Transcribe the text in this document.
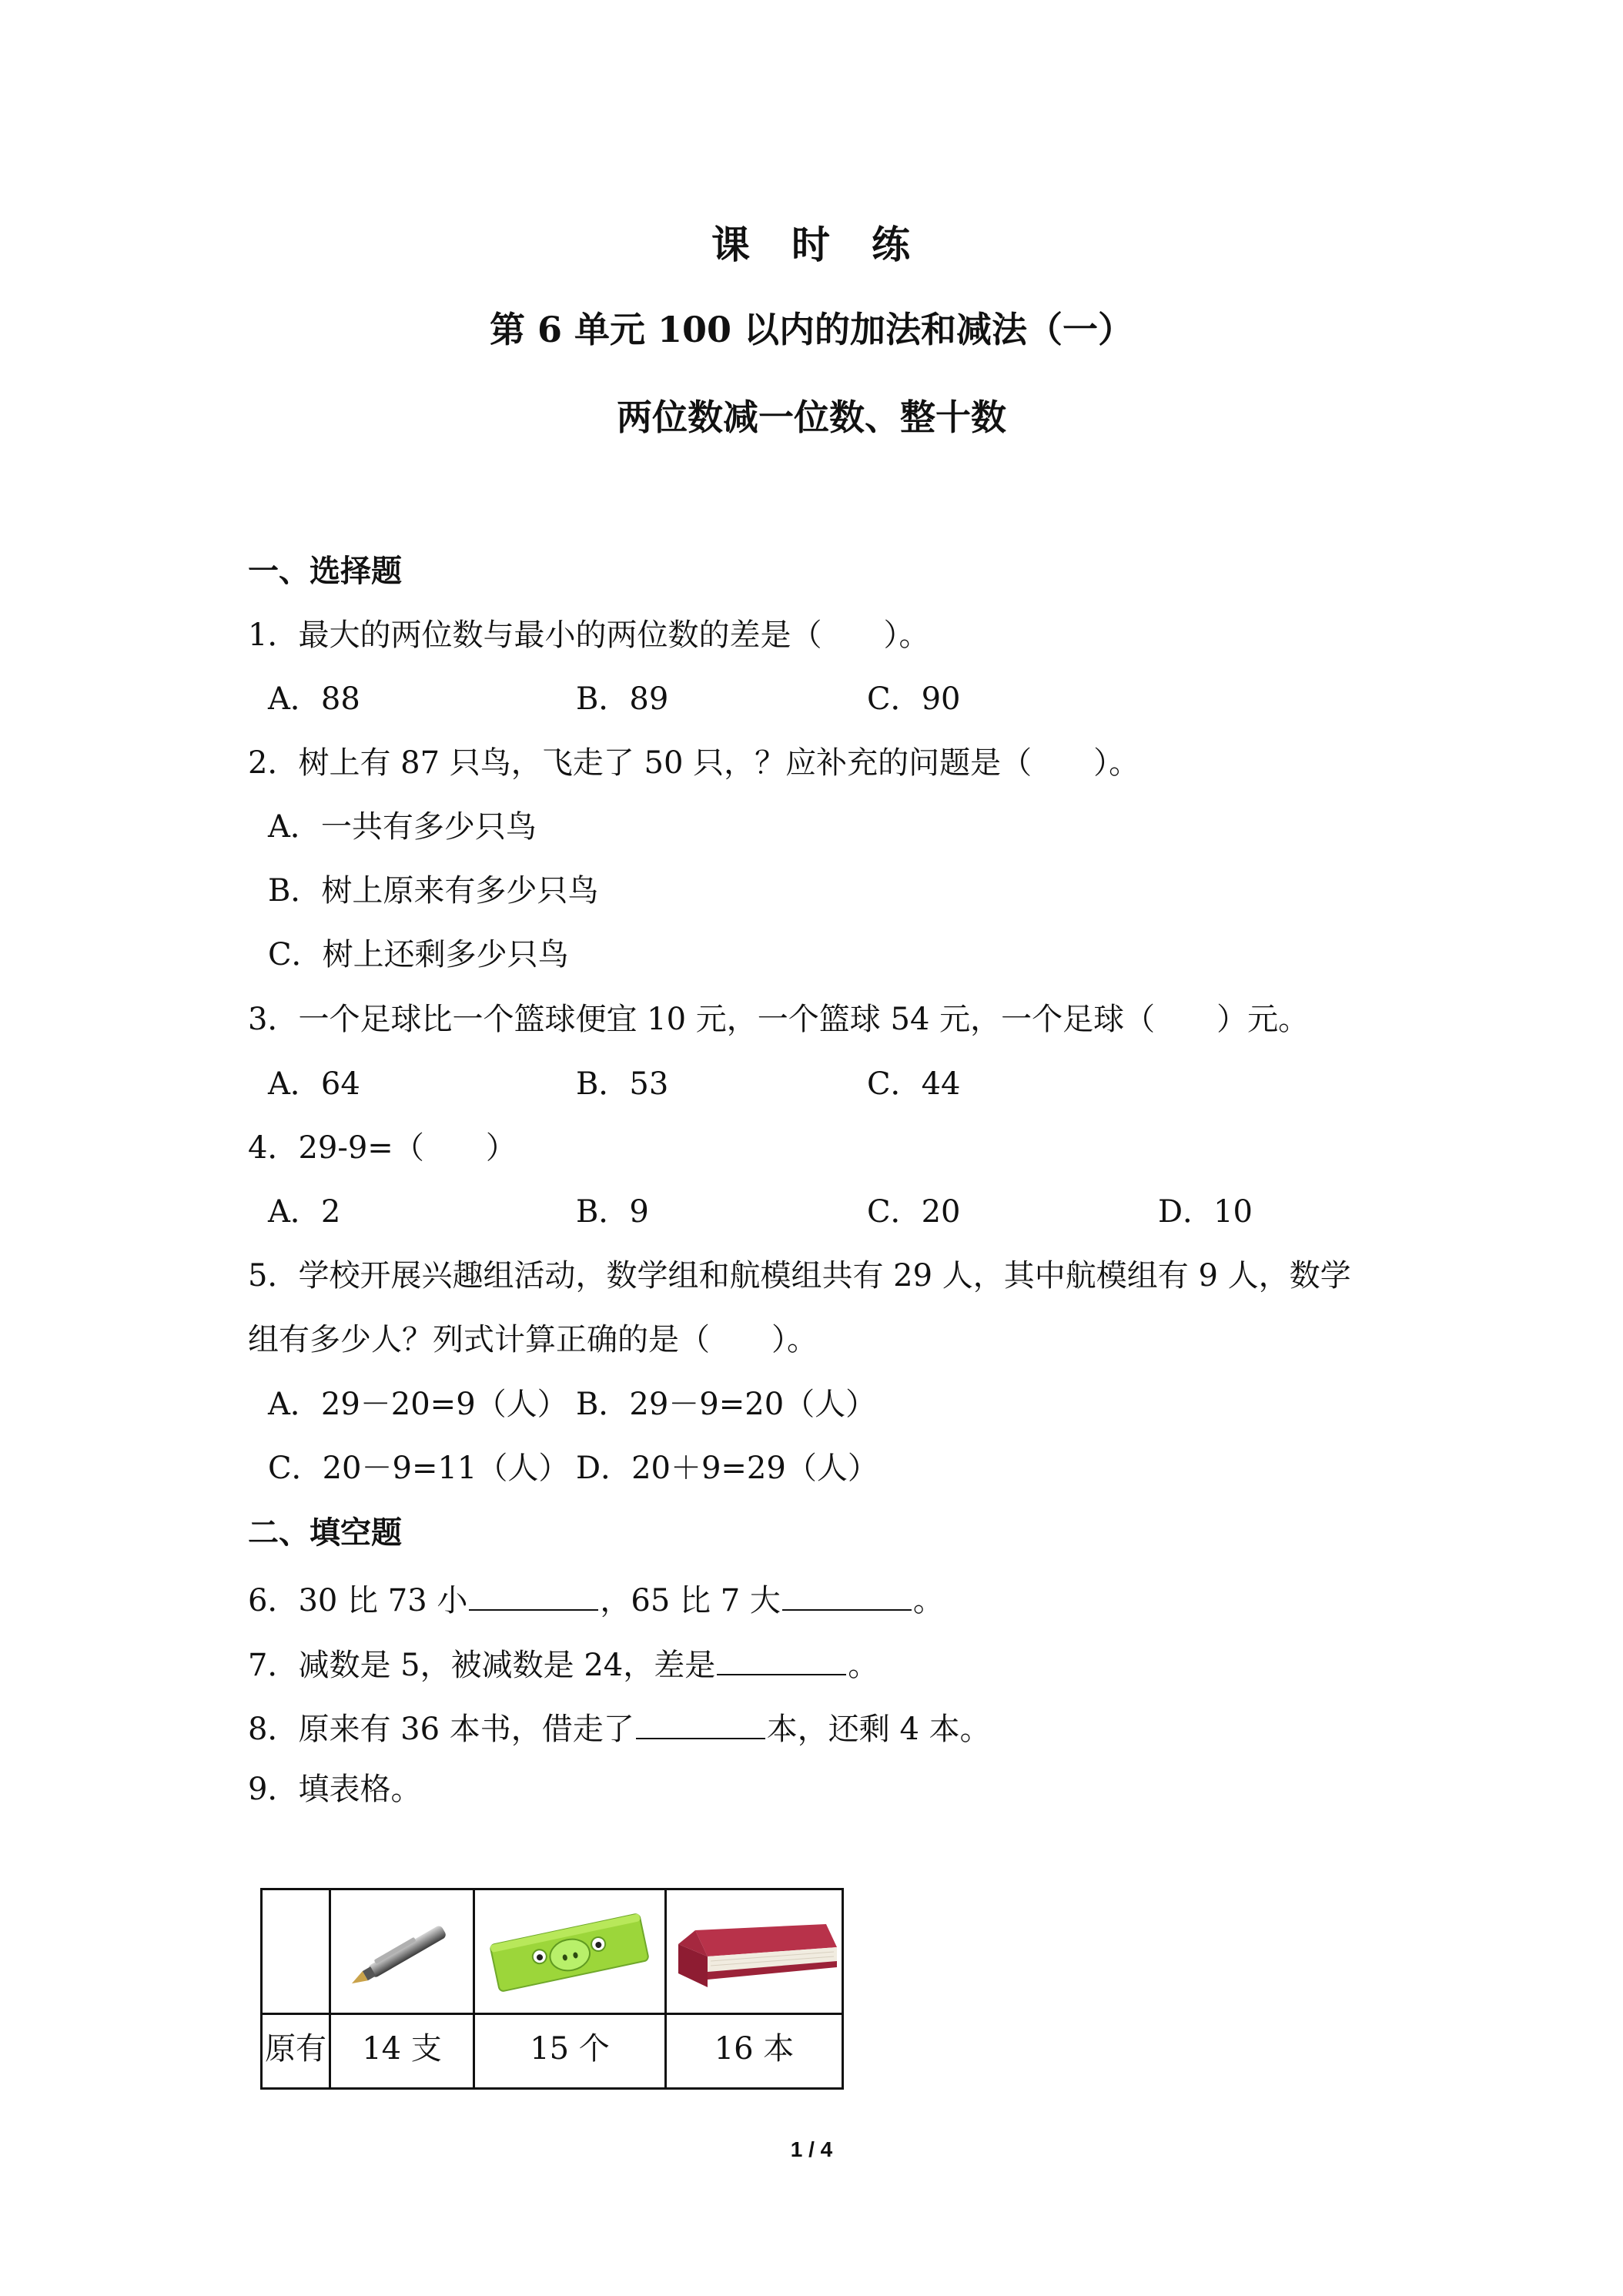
课　时　练
第 6 单元 100 以内的加法和减法（一）
两位数减一位数、整十数
一、选择题
1．最大的两位数与最小的两位数的差是（　　）。
A．88	B．89	C．90
2．树上有 87 只鸟，飞走了 50 只，？应补充的问题是（　　）。
A．一共有多少只鸟
B．树上原来有多少只鸟
C．树上还剩多少只鸟
3．一个足球比一个篮球便宜 10 元，一个篮球 54 元，一个足球（　　）元。
A．64	B．53	C．44
4．29-9=（　　）
A．2	B．9	C．20	D．10
5．学校开展兴趣组活动，数学组和航模组共有 29 人，其中航模组有 9 人，数学
组有多少人？列式计算正确的是（　　）。
A．29－20=9（人） B．29－9=20（人）
C．20－9=11（人） D．20＋9=29（人）
二、填空题
6．30 比 73 小	，65 比 7 大	。
7．减数是 5，被减数是 24，差是	。
8．原来有 36 本书，借走了	本，还剩 4 本。
9．填表格。
原有	14 支	15 个	16 本
1 / 4
